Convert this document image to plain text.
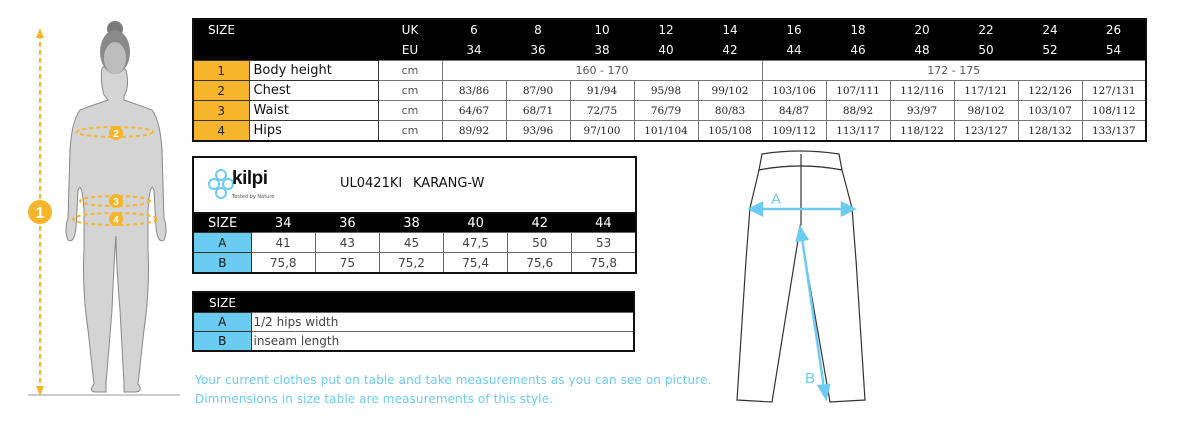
1
2
3
4
SIZE		UK	6	8	10	12	14	16	18	20	22	24	26
		EU	34	36	38	40	42	44	46	48	50	52	54
1	Body height	cm	160 - 170					172 - 175					
2	Chest	cm	83/86	87/90	91/94	95/98	99/102	103/106	107/111	112/116	117/121	122/126	127/131
3	Waist	cm	64/67	68/71	72/75	76/79	80/83	84/87	88/92	93/97	98/102	103/107	108/112
4	Hips	cm	89/92	93/96	97/100	101/104	105/108	109/112	113/117	118/122	123/127	128/132	133/137
kilpi
Tested by Nature
UL0421KI KARANG-W
SIZE	34	36	38	40	42	44
A	41	43	45	47,5	50	53
B	75,8	75	75,2	75,4	75,6	75,8
SIZE	
A	1/2 hips width
B	inseam length
Your current clothes put on table and take measurements as you can see on picture.
Dimmensions in size table are measurements of this style.
A
B
